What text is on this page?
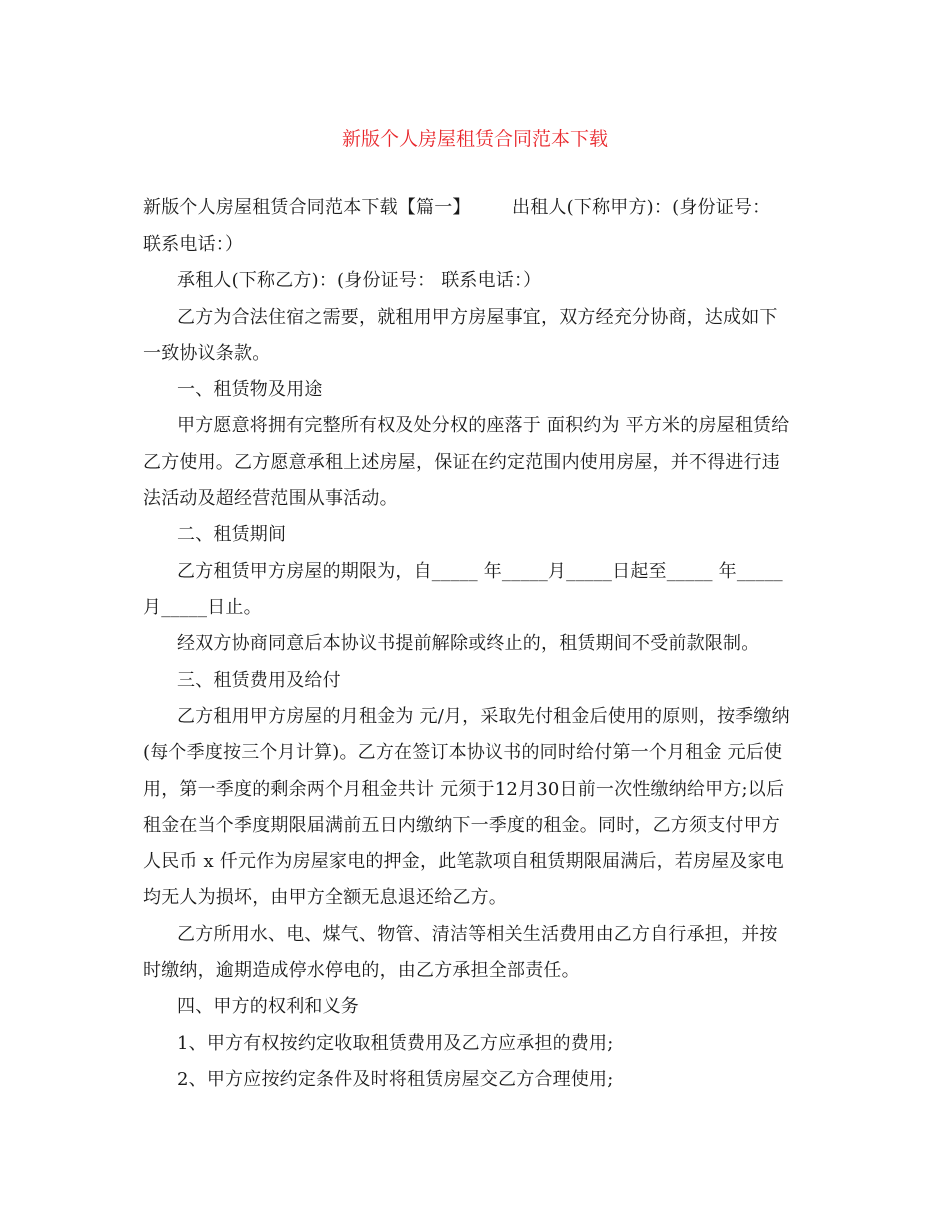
新版个人房屋租赁合同范本下载
新版个人房屋租赁合同范本下载【篇一】       出租人(下称甲方)：(身份证号：
联系电话：）
承租人(下称乙方)：(身份证号： 联系电话：）
乙方为合法住宿之需要，就租用甲方房屋事宜，双方经充分协商，达成如下
一致协议条款。
一、租赁物及用途
甲方愿意将拥有完整所有权及处分权的座落于 面积约为 平方米的房屋租赁给
乙方使用。乙方愿意承租上述房屋，保证在约定范围内使用房屋，并不得进行违
法活动及超经营范围从事活动。
二、租赁期间
乙方租赁甲方房屋的期限为，自_____ 年_____月_____日起至_____ 年_____
月_____日止。
经双方协商同意后本协议书提前解除或终止的，租赁期间不受前款限制。
三、租赁费用及给付
乙方租用甲方房屋的月租金为 元/月，采取先付租金后使用的原则，按季缴纳
(每个季度按三个月计算)。乙方在签订本协议书的同时给付第一个月租金 元后使
用，第一季度的剩余两个月租金共计 元须于12月30日前一次性缴纳给甲方;以后
租金在当个季度期限届满前五日内缴纳下一季度的租金。同时，乙方须支付甲方
人民币 x 仟元作为房屋家电的押金，此笔款项自租赁期限届满后，若房屋及家电
均无人为损坏，由甲方全额无息退还给乙方。
乙方所用水、电、煤气、物管、清洁等相关生活费用由乙方自行承担，并按
时缴纳，逾期造成停水停电的，由乙方承担全部责任。
四、甲方的权利和义务
1、甲方有权按约定收取租赁费用及乙方应承担的费用;
2、甲方应按约定条件及时将租赁房屋交乙方合理使用;
